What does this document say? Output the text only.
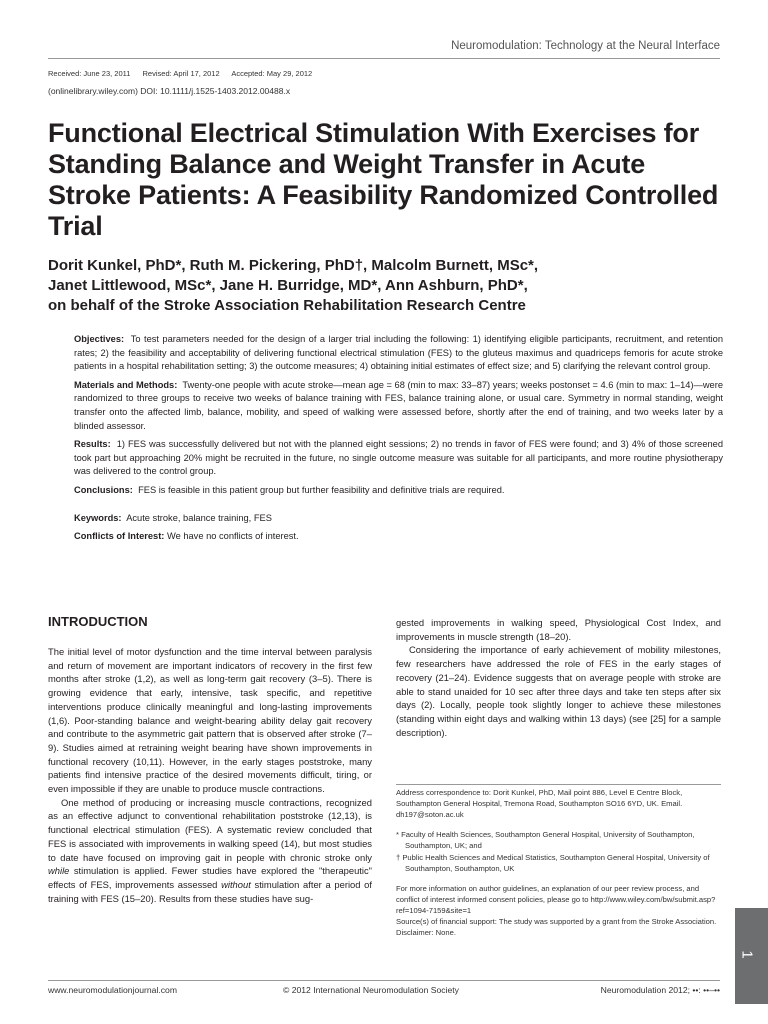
Neuromodulation: Technology at the Neural Interface
Received: June 23, 2011 Revised: April 17, 2012 Accepted: May 29, 2012
(onlinelibrary.wiley.com) DOI: 10.1111/j.1525-1403.2012.00488.x
Functional Electrical Stimulation With Exercises for Standing Balance and Weight Transfer in Acute Stroke Patients: A Feasibility Randomized Controlled Trial
Dorit Kunkel, PhD*, Ruth M. Pickering, PhD†, Malcolm Burnett, MSc*,
Janet Littlewood, MSc*, Jane H. Burridge, MD*, Ann Ashburn, PhD*,
on behalf of the Stroke Association Rehabilitation Research Centre

Objectives: To test parameters needed for the design of a larger trial including the following: 1) identifying eligible participants, recruitment, and retention rates; 2) the feasibility and acceptability of delivering functional electrical stimulation (FES) to the gluteus maximus and quadriceps femoris for acute stroke patients in a hospital rehabilitation setting; 3) the outcome measures; 4) obtaining initial estimates of effect size; and 5) clarifying the relevant control group.

Materials and Methods: Twenty-one people with acute stroke—mean age = 68 (min to max: 33–87) years; weeks postonset = 4.6 (min to max: 1–14)—were randomized to three groups to receive two weeks of balance training with FES, balance training alone, or usual care. Symmetry in normal standing, weight transfer onto the affected limb, balance, mobility, and speed of walking were assessed before, shortly after the end of training, and two weeks later by a blinded assessor.

Results: 1) FES was successfully delivered but not with the planned eight sessions; 2) no trends in favor of FES were found; and 3) 4% of those screened took part but approaching 20% might be recruited in the future, no single outcome measure was suitable for all participants, and more routine physiotherapy was delivered to the control group.

Conclusions: FES is feasible in this patient group but further feasibility and definitive trials are required.

Keywords: Acute stroke, balance training, FES

Conflicts of Interest: We have no conflicts of interest.

INTRODUCTION

The initial level of motor dysfunction and the time interval between paralysis and return of movement are important indicators of recovery in the first few months after stroke (1,2), as well as long-term gait recovery (3–5). There is growing evidence that early, intensive, task specific, and repetitive interventions produce clinically meaningful and long-lasting improvements (1,6). Poor-standing balance and weight-bearing ability delay gait recovery and contribute to the asymmetric gait pattern that is observed after stroke (7–9). Studies aimed at retraining weight bearing have shown improvements in functional recovery (10,11). However, in the early stages poststroke, many patients find intensive practice of the desired movements difficult, tiring, or even impossible if they are unable to produce muscle contractions.

One method of producing or increasing muscle contractions, recognized as an effective adjunct to conventional rehabilitation poststroke (12,13), is functional electrical stimulation (FES). A systematic review concluded that FES is associated with improvements in walking speed (14), but most studies to date have focused on improving gait in people with chronic stroke only while stimulation is applied. Fewer studies have explored the "therapeutic" effects of FES, improvements assessed without stimulation after a period of training with FES (15–20). Results from these studies have sug-

gested improvements in walking speed, Physiological Cost Index, and improvements in muscle strength (18–20).

Considering the importance of early achievement of mobility milestones, few researchers have addressed the role of FES in the early stages of recovery (21–24). Evidence suggests that on average people with stroke are able to stand unaided for 10 sec after three days and take ten steps after six days (2). Locally, people took slightly longer to achieve these milestones (standing within eight days and walking within 13 days) (see [25] for a sample description).

Address correspondence to: Dorit Kunkel, PhD, Mail point 886, Level E Centre Block, Southampton General Hospital, Tremona Road, Southampton SO16 6YD, UK. Email. dh197@soton.ac.uk

* Faculty of Health Sciences, Southampton General Hospital, University of Southampton, Southampton, UK; and

† Public Health Sciences and Medical Statistics, Southampton General Hospital, University of Southampton, Southampton, UK

For more information on author guidelines, an explanation of our peer review process, and conflict of interest informed consent policies, please go to http://www.wiley.com/bw/submit.asp?ref=1094-7159&site=1

Source(s) of financial support: The study was supported by a grant from the Stroke Association.

Disclaimer: None.

www.neuromodulationjournal.com	© 2012 International Neuromodulation Society	Neuromodulation 2012; ••: ••–••
1
